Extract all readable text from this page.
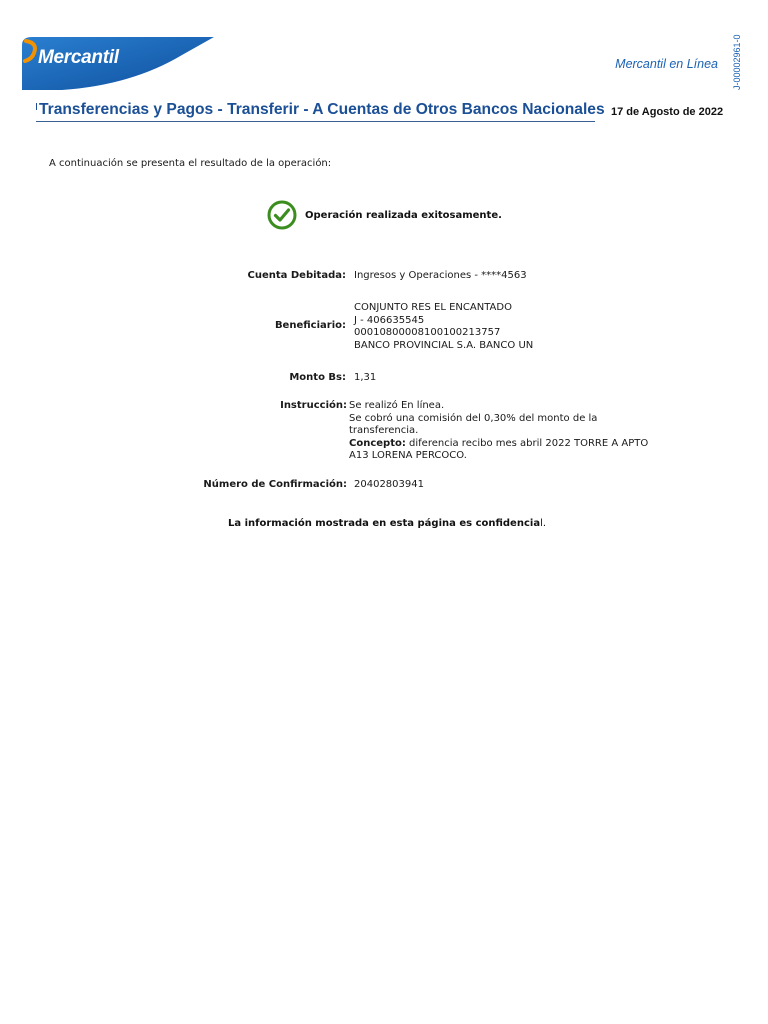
Mercantil	Mercantil en Línea J-00002961-0
Transferencias y Pagos - Transferir - A Cuentas de Otros Bancos Nacionales 17 de Agosto de 2022
A continuación se presenta el resultado de la operación:
Operación realizada exitosamente.
Cuenta Debitada: Ingresos y Operaciones - ****4563
Beneficiario:
CONJUNTO RES EL ENCANTADO
J - 406635545
00010800008100100213757
BANCO PROVINCIAL S.A. BANCO UN
Monto Bs: 1,31
Instrucción: Se realizó En línea.
Se cobró una comisión del 0,30% del monto de la
transferencia.
Concepto: diferencia recibo mes abril 2022 TORRE A APTO
A13 LORENA PERCOCO.
Número de Confirmación: 20402803941
La información mostrada en esta página es confidencial.
